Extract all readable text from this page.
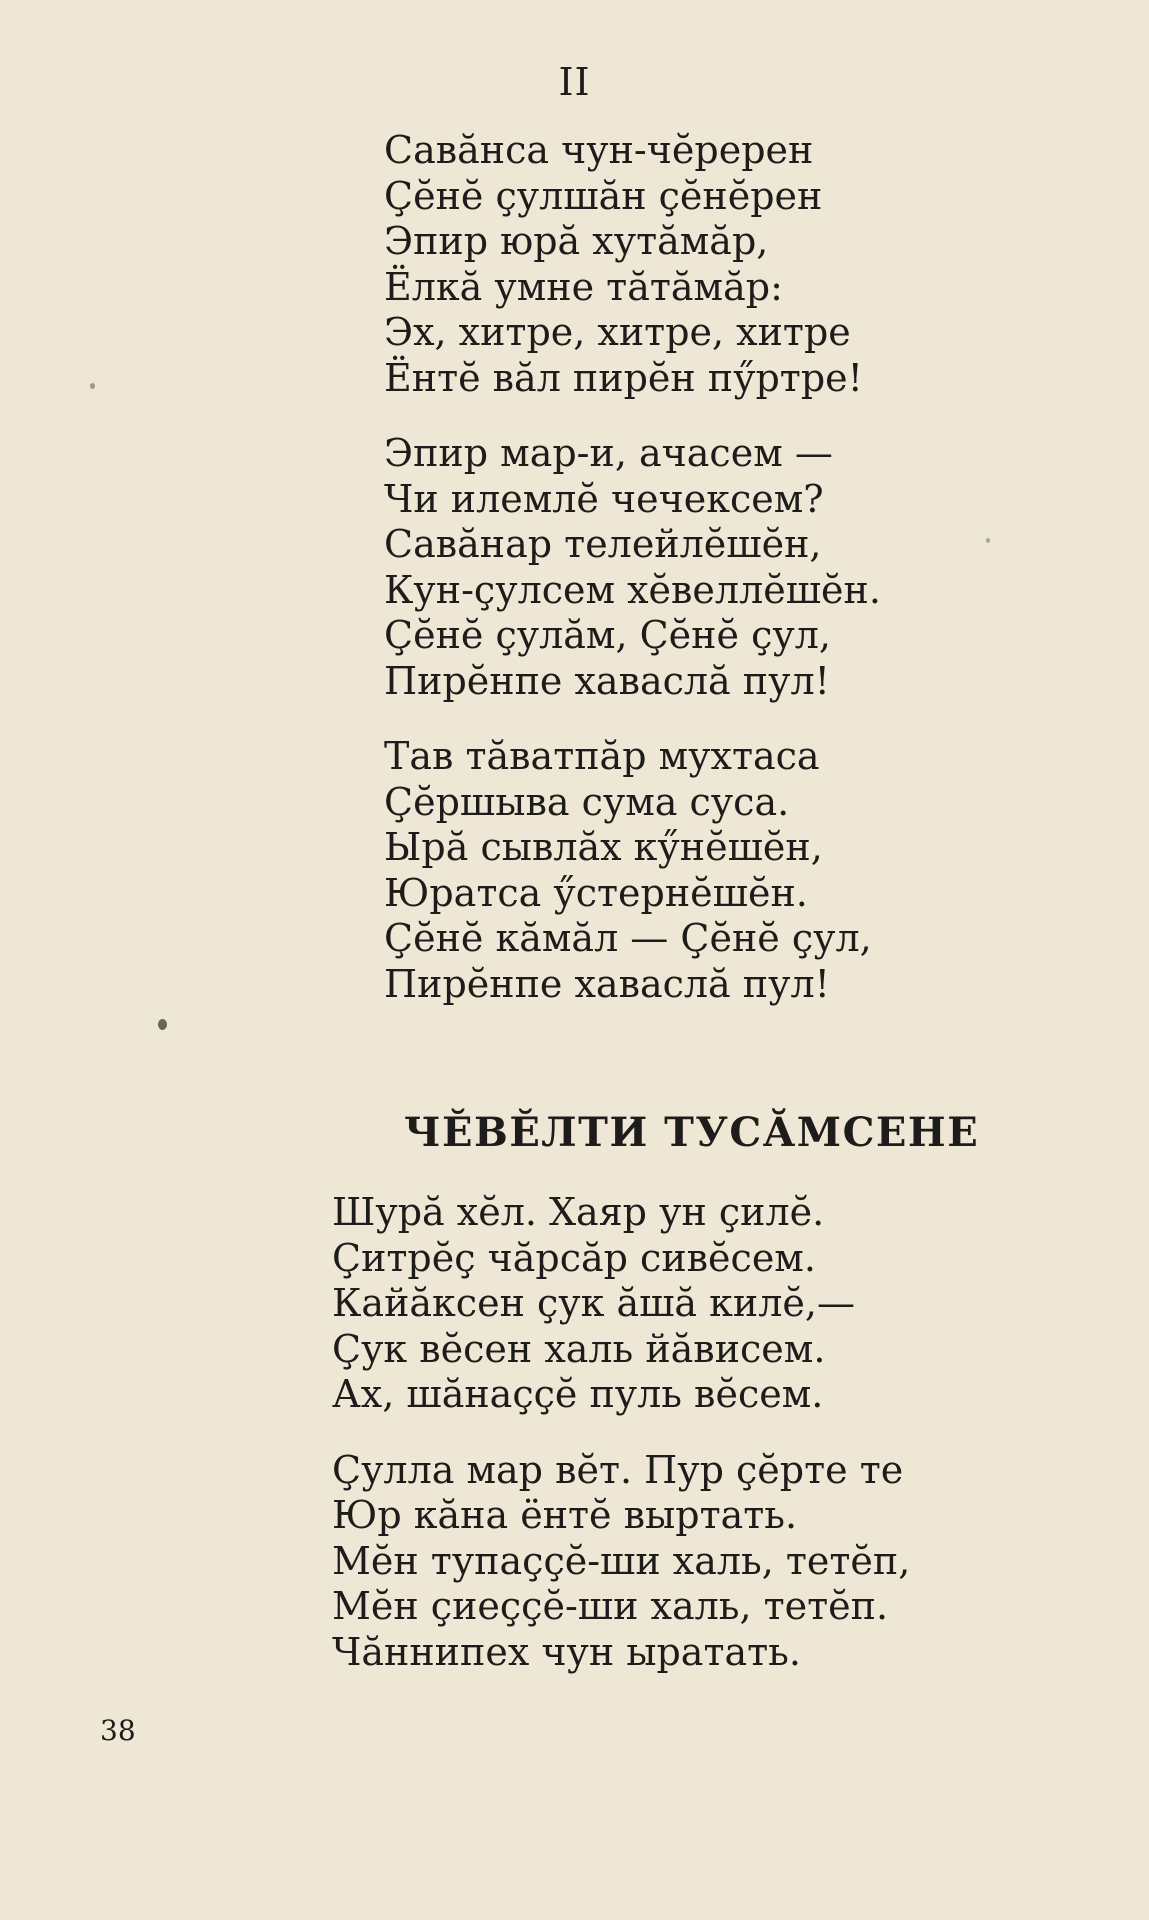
II
Савӑнса чун-чӗререн
Ҫӗнӗ ҫулшӑн ҫӗнӗрен
Эпир юрӑ хутӑмӑр,
Ёлкӑ умне тӑтӑмӑр:
Эх, хитре, хитре, хитре
Ёнтӗ вӑл пирӗн пӳртре!
Эпир мар-и, ачасем —
Чи илемлӗ чечексем?
Савӑнар телейлӗшӗн,
Кун-ҫулсем хӗвеллӗшӗн.
Ҫӗнӗ ҫулӑм, Ҫӗнӗ ҫул,
Пирӗнпе хаваслӑ пул!
Тав тӑватпӑр мухтаса
Ҫӗршыва сума суса.
Ырӑ сывлӑх кӳнӗшӗн,
Юратса ӳстернӗшӗн.
Ҫӗнӗ кӑмӑл — Ҫӗнӗ ҫул,
Пирӗнпе хаваслӑ пул!
ЧӖВӖЛТИ ТУСӐМСЕНЕ
Шурӑ хӗл. Хаяр ун ҫилӗ.
Ҫитрӗҫ чӑрсӑр сивӗсем.
Кайӑксен ҫук ӑшӑ килӗ,—
Ҫук вӗсен халь йӑвисем.
Ах, шӑнаҫҫӗ пуль вӗсем.
Ҫулла мар вӗт. Пур ҫӗрте те
Юр кӑна ёнтӗ выртать.
Мӗн тупаҫҫӗ-ши халь, тетӗп,
Мӗн ҫиеҫҫӗ-ши халь, тетӗп.
Чӑннипех чун ыратать.
38
